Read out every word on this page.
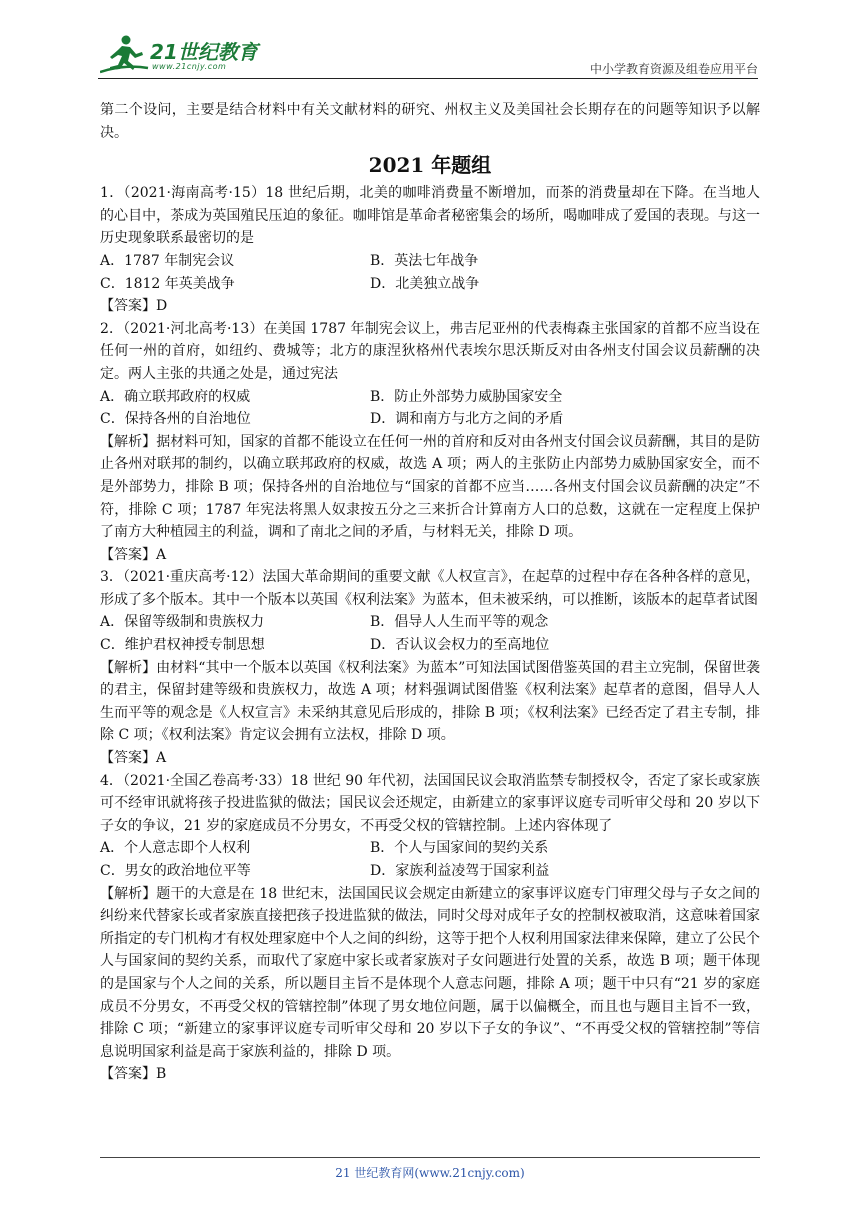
21世纪教育
www.21cnjy.com	中小学教育资源及组卷应用平台

第二个设问，主要是结合材料中有关文献材料的研究、州权主义及美国社会长期存在的问题等知识予以解决。

2021 年题组

1．（2021·海南高考·15）18 世纪后期，北美的咖啡消费量不断增加，而茶的消费量却在下降。在当地人的心目中，茶成为英国殖民压迫的象征。咖啡馆是革命者秘密集会的场所，喝咖啡成了爱国的表现。与这一历史现象联系最密切的是

A．1787 年制宪会议	B．英法七年战争
C．1812 年英美战争	D．北美独立战争

【答案】D

2．（2021·河北高考·13）在美国 1787 年制宪会议上，弗吉尼亚州的代表梅森主张国家的首都不应当设在任何一州的首府，如纽约、费城等；北方的康涅狄格州代表埃尔思沃斯反对由各州支付国会议员薪酬的决定。两人主张的共通之处是，通过宪法

A．确立联邦政府的权威	B．防止外部势力威胁国家安全
C．保持各州的自治地位	D．调和南方与北方之间的矛盾

【解析】据材料可知，国家的首都不能设立在任何一州的首府和反对由各州支付国会议员薪酬，其目的是防止各州对联邦的制约，以确立联邦政府的权威，故选 A 项；两人的主张防止内部势力威胁国家安全，而不是外部势力，排除 B 项；保持各州的自治地位与“国家的首都不应当……各州支付国会议员薪酬的决定”不符，排除 C 项；1787 年宪法将黑人奴隶按五分之三来折合计算南方人口的总数，这就在一定程度上保护了南方大种植园主的利益，调和了南北之间的矛盾，与材料无关，排除 D 项。

【答案】A

3．（2021·重庆高考·12）法国大革命期间的重要文献《人权宣言》，在起草的过程中存在各种各样的意见，形成了多个版本。其中一个版本以英国《权利法案》为蓝本，但未被采纳，可以推断，该版本的起草者试图

A．保留等级制和贵族权力	B．倡导人人生而平等的观念
C．维护君权神授专制思想	D．否认议会权力的至高地位

【解析】由材料“其中一个版本以英国《权利法案》为蓝本”可知法国试图借鉴英国的君主立宪制，保留世袭的君主，保留封建等级和贵族权力，故选 A 项；材料强调试图借鉴《权利法案》起草者的意图，倡导人人生而平等的观念是《人权宣言》未采纳其意见后形成的，排除 B 项；《权利法案》已经否定了君主专制，排除 C 项；《权利法案》肯定议会拥有立法权，排除 D 项。

【答案】A

4．（2021·全国乙卷高考·33）18 世纪 90 年代初，法国国民议会取消监禁专制授权令，否定了家长或家族可不经审讯就将孩子投进监狱的做法；国民议会还规定，由新建立的家事评议庭专司听审父母和 20 岁以下子女的争议，21 岁的家庭成员不分男女，不再受父权的管辖控制。上述内容体现了

A．个人意志即个人权利	B．个人与国家间的契约关系
C．男女的政治地位平等	D．家族利益凌驾于国家利益

【解析】题干的大意是在 18 世纪末，法国国民议会规定由新建立的家事评议庭专门审理父母与子女之间的纠纷来代替家长或者家族直接把孩子投进监狱的做法，同时父母对成年子女的控制权被取消，这意味着国家所指定的专门机构才有权处理家庭中个人之间的纠纷，这等于把个人权利用国家法律来保障，建立了公民个人与国家间的契约关系，而取代了家庭中家长或者家族对子女问题进行处置的关系，故选 B 项；题干体现的是国家与个人之间的关系，所以题目主旨不是体现个人意志问题，排除 A 项；题干中只有“21 岁的家庭成员不分男女，不再受父权的管辖控制”体现了男女地位问题，属于以偏概全，而且也与题目主旨不一致，排除 C 项；“新建立的家事评议庭专司听审父母和 20 岁以下子女的争议”、“不再受父权的管辖控制”等信息说明国家利益是高于家族利益的，排除 D 项。

【答案】B

21 世纪教育网(www.21cnjy.com)
